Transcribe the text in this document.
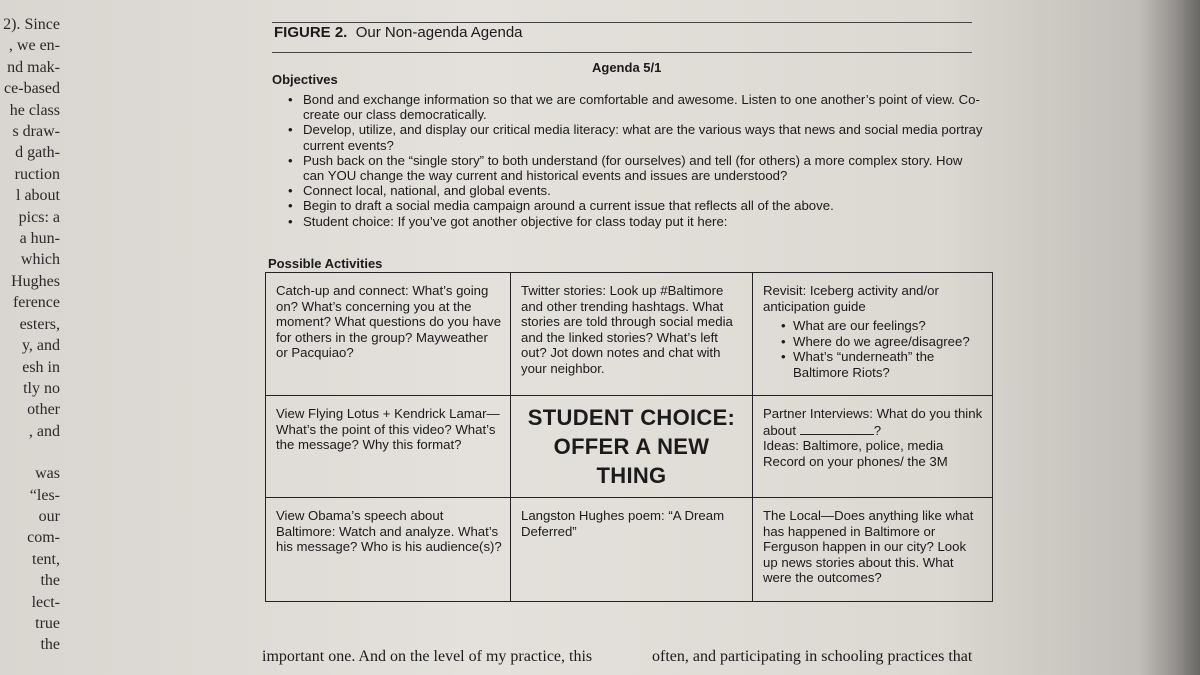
2). Since
, we en-
nd mak-
ce-based
he class
s draw-
d gath-
ruction
l about
pics: a
a hun-
which
Hughes
ference
esters,
y, and
esh in
tly no
other
, and
was
“les-
our
com-
tent,
the
lect-
true
the
FIGURE 2. Our Non-agenda Agenda
Agenda 5/1
Objectives
• Bond and exchange information so that we are comfortable and awesome. Listen to one another’s point of view. Co-create our class democratically.
• Develop, utilize, and display our critical media literacy: what are the various ways that news and social media portray current events?
• Push back on the “single story” to both understand (for ourselves) and tell (for others) a more complex story. How can YOU change the way current and historical events and issues are understood?
• Connect local, national, and global events.
• Begin to draft a social media campaign around a current issue that reflects all of the above.
• Student choice: If you’ve got another objective for class today put it here:
Possible Activities
Catch-up and connect: What’s going on? What’s concerning you at the moment? What questions do you have for others in the group? Mayweather or Pacquiao?
Twitter stories: Look up #Baltimore and other trending hashtags. What stories are told through social media and the linked stories? What’s left out? Jot down notes and chat with your neighbor.
Revisit: Iceberg activity and/or anticipation guide
• What are our feelings?
• Where do we agree/disagree?
• What’s “underneath” the Baltimore Riots?
View Flying Lotus + Kendrick Lamar—What’s the point of this video? What’s the message? Why this format?
STUDENT CHOICE: OFFER A NEW THING
Partner Interviews: What do you think about	?
Ideas: Baltimore, police, media
Record on your phones/ the 3M
View Obama’s speech about Baltimore: Watch and analyze. What’s his message? Who is his audience(s)?
Langston Hughes poem: “A Dream Deferred”
The Local—Does anything like what has happened in Baltimore or Ferguson happen in our city? Look up news stories about this. What were the outcomes?
important one. And on the level of my practice, this	often, and participating in schooling practices that
